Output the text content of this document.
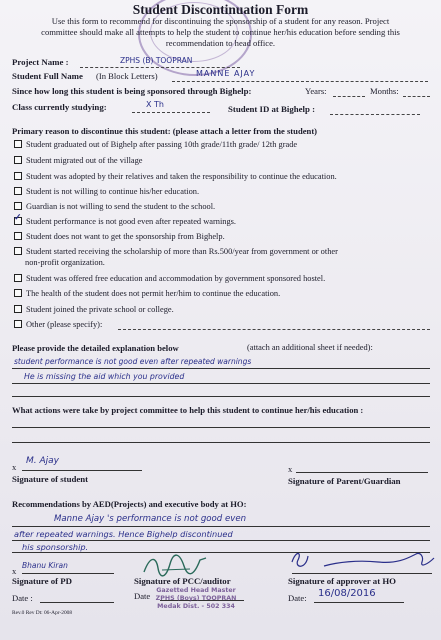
Student Discontinuation Form
Use this form to recommend for discontinuing the sponsorship of a student for any reason. Project
committee should make all attempts to help the student to continue her/his education before sending this
recommendation to head office.
Project Name :	ZPHS (B) TOOPRAN
Student Full Name (In Block Letters)	MANNE AJAY
Since how long this student is being sponsored through Bighelp:	Years:	Months:
Class currently studying:	X Th	Student ID at Bighelp :
Primary reason to discontinue this student: (please attach a letter from the student)
Student graduated out of Bighelp after passing 10th grade/11th grade/ 12th grade
Student migrated out of the village
Student was adopted by their relatives and taken the responsibility to continue the education.
Student is not willing to continue his/her education.
Guardian is not willing to send the student to the school.
✓Student performance is not good even after repeated warnings.
Student does not want to get the sponsorship from Bighelp.
Student started receiving the scholarship of more than Rs.500/year from government or other
non-profit organization.
Student was offered free education and accommodation by government sponsored hostel.
The health of the student does not permit her/him to continue the education.
Student joined the private school or college.
Other (please specify):
Please provide the detailed explanation below	(attach an additional sheet if needed):
student performance is not good even after repeated warnings
He is missing the aid which you provided
What actions were take by project committee to help this student to continue her/his education :
x
M. Ajay
Signature of student
x
Signature of Parent/Guardian
Recommendations by AED(Projects) and executive body at HO:
Manne Ajay 's performance is not good even
after repeated warnings. Hence Bighelp discontinued
his sponsorship.
x
Bhanu Kiran
Signature of PD
Date :
Signature of PCC/auditor
Date
Gazetted Head Master
ZPHS (Boys) TOOPRAN
Medak Dist. - 502 334
Signature of approver at HO
Date: 16/08/2016
Rev.0 Rev Dt: 06-Apr-2008
